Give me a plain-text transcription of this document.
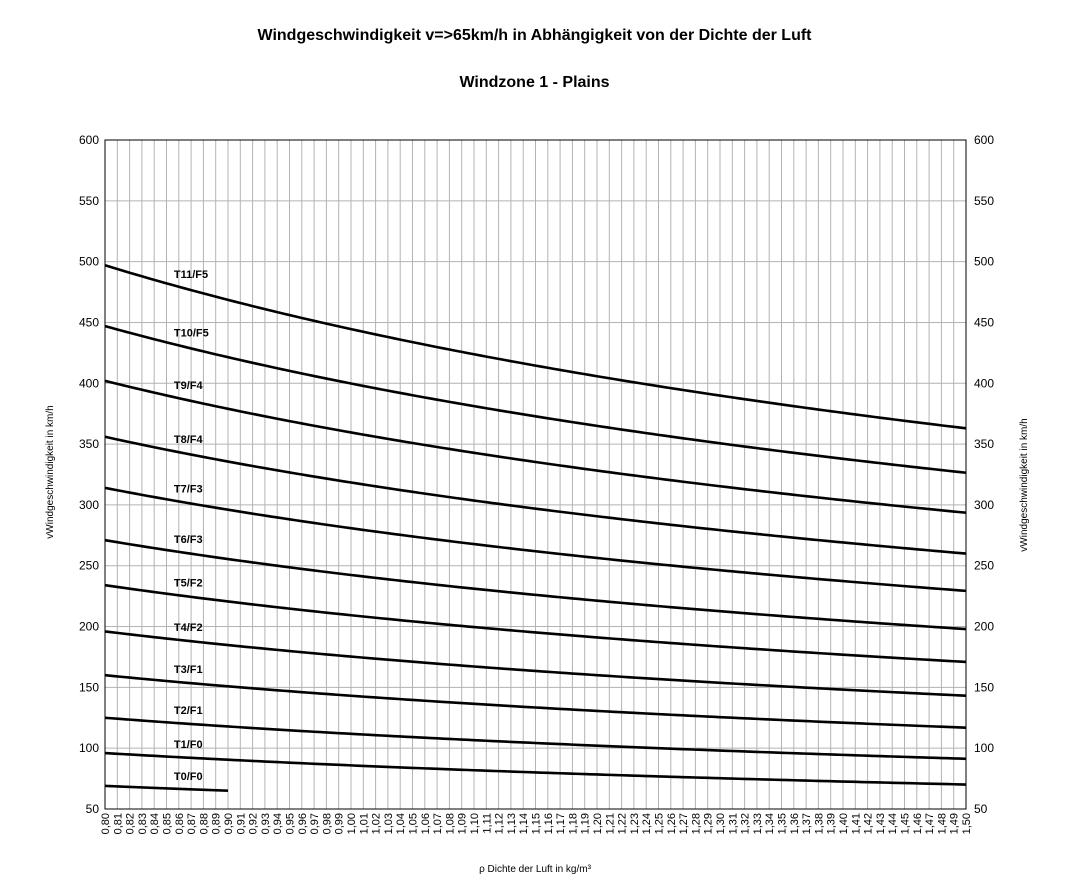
Windgeschwindigkeit v=>65km/h in Abhängigkeit von der Dichte der Luft
Windzone 1 - Plains
T0/F0
T1/F0
T2/F1
T3/F1
T4/F2
T5/F2
T6/F3
T7/F3
T8/F4
T9/F4
T10/F5
T11/F5
50
100
150
200
250
300
350
400
450
500
550
600
50
100
150
200
250
300
350
400
450
500
550
600
0,80 0,81 0,82 0,83 0,84 0,85 0,86 0,87 0,88 0,89 0,90 0,91 0,92 0,93 0,94 0,95 0,96 0,97 0,98 0,99 1,00 1,01 1,02 1,03 1,04 1,05 1,06 1,07 1,08 1,09 1,10 1,11 1,12 1,13 1,14 1,15 1,16 1,17 1,18 1,19 1,20 1,21 1,22 1,23 1,24 1,25 1,26 1,27 1,28 1,29 1,30 1,31 1,32 1,33 1,34 1,35 1,36 1,37 1,38 1,39 1,40 1,41 1,42 1,43 1,44 1,45 1,46 1,47 1,48 1,49 1,50
vWindgeschwindigkeit in km/h	vWindgeschwindigkeit in km/h
ρ Dichte der Luft in kg/m³
